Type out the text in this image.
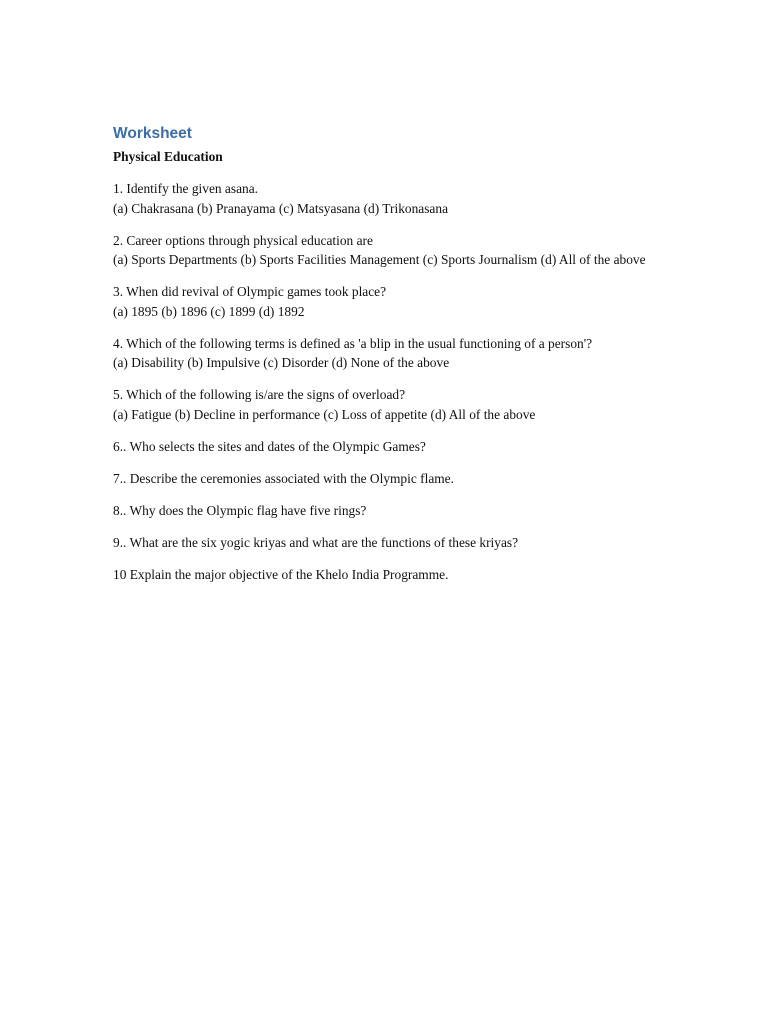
Worksheet
Physical Education

1. Identify the given asana.

(a) Chakrasana (b) Pranayama (c) Matsyasana (d) Trikonasana

2. Career options through physical education are

(a) Sports Departments (b) Sports Facilities Management (c) Sports Journalism (d) All of the above

3. When did revival of Olympic games took place?

(a) 1895 (b) 1896 (c) 1899 (d) 1892

4. Which of the following terms is defined as 'a blip in the usual functioning of a person'?

(a) Disability (b) Impulsive (c) Disorder (d) None of the above

5. Which of the following is/are the signs of overload?

(a) Fatigue (b) Decline in performance (c) Loss of appetite (d) All of the above

6.. Who selects the sites and dates of the Olympic Games?

7.. Describe the ceremonies associated with the Olympic flame.

8.. Why does the Olympic flag have five rings?

9.. What are the six yogic kriyas and what are the functions of these kriyas?

10 Explain the major objective of the Khelo India Programme.
